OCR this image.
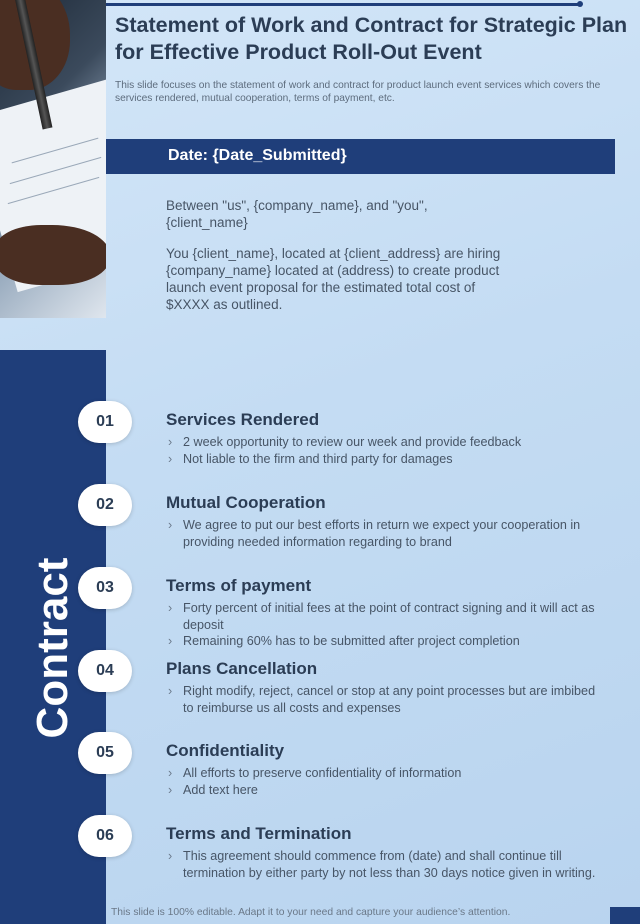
Contract
Statement of Work and Contract for Strategic Plan for Effective Product Roll-Out Event
This slide focuses on the statement of work and contract for product launch event services which covers the services rendered, mutual cooperation, terms of payment, etc.
Date: {Date_Submitted}
Between "us", {company_name}, and "you", {client_name}
You {client_name}, located at {client_address} are hiring {company_name} located at (address) to create product launch event proposal for the estimated total cost of $XXXX as outlined.
01	Services Rendered
› 2 week opportunity to review our week and provide feedback
› Not liable to the firm and third party for damages
02	Mutual Cooperation
› We agree to put our best efforts in return we expect your cooperation in providing needed information regarding to brand
03	Terms of payment
› Forty percent of initial fees at the point of contract signing and it will act as deposit
› Remaining 60% has to be submitted after project completion
04	Plans Cancellation
› Right modify, reject, cancel or stop at any point processes but are imbibed to reimburse us all costs and expenses
05	Confidentiality
› All efforts to preserve confidentiality of information
› Add text here
06	Terms and Termination
› This agreement should commence from (date) and shall continue till termination by either party by not less than 30 days notice given in writing.
This slide is 100% editable. Adapt it to your need and capture your audience’s attention.
